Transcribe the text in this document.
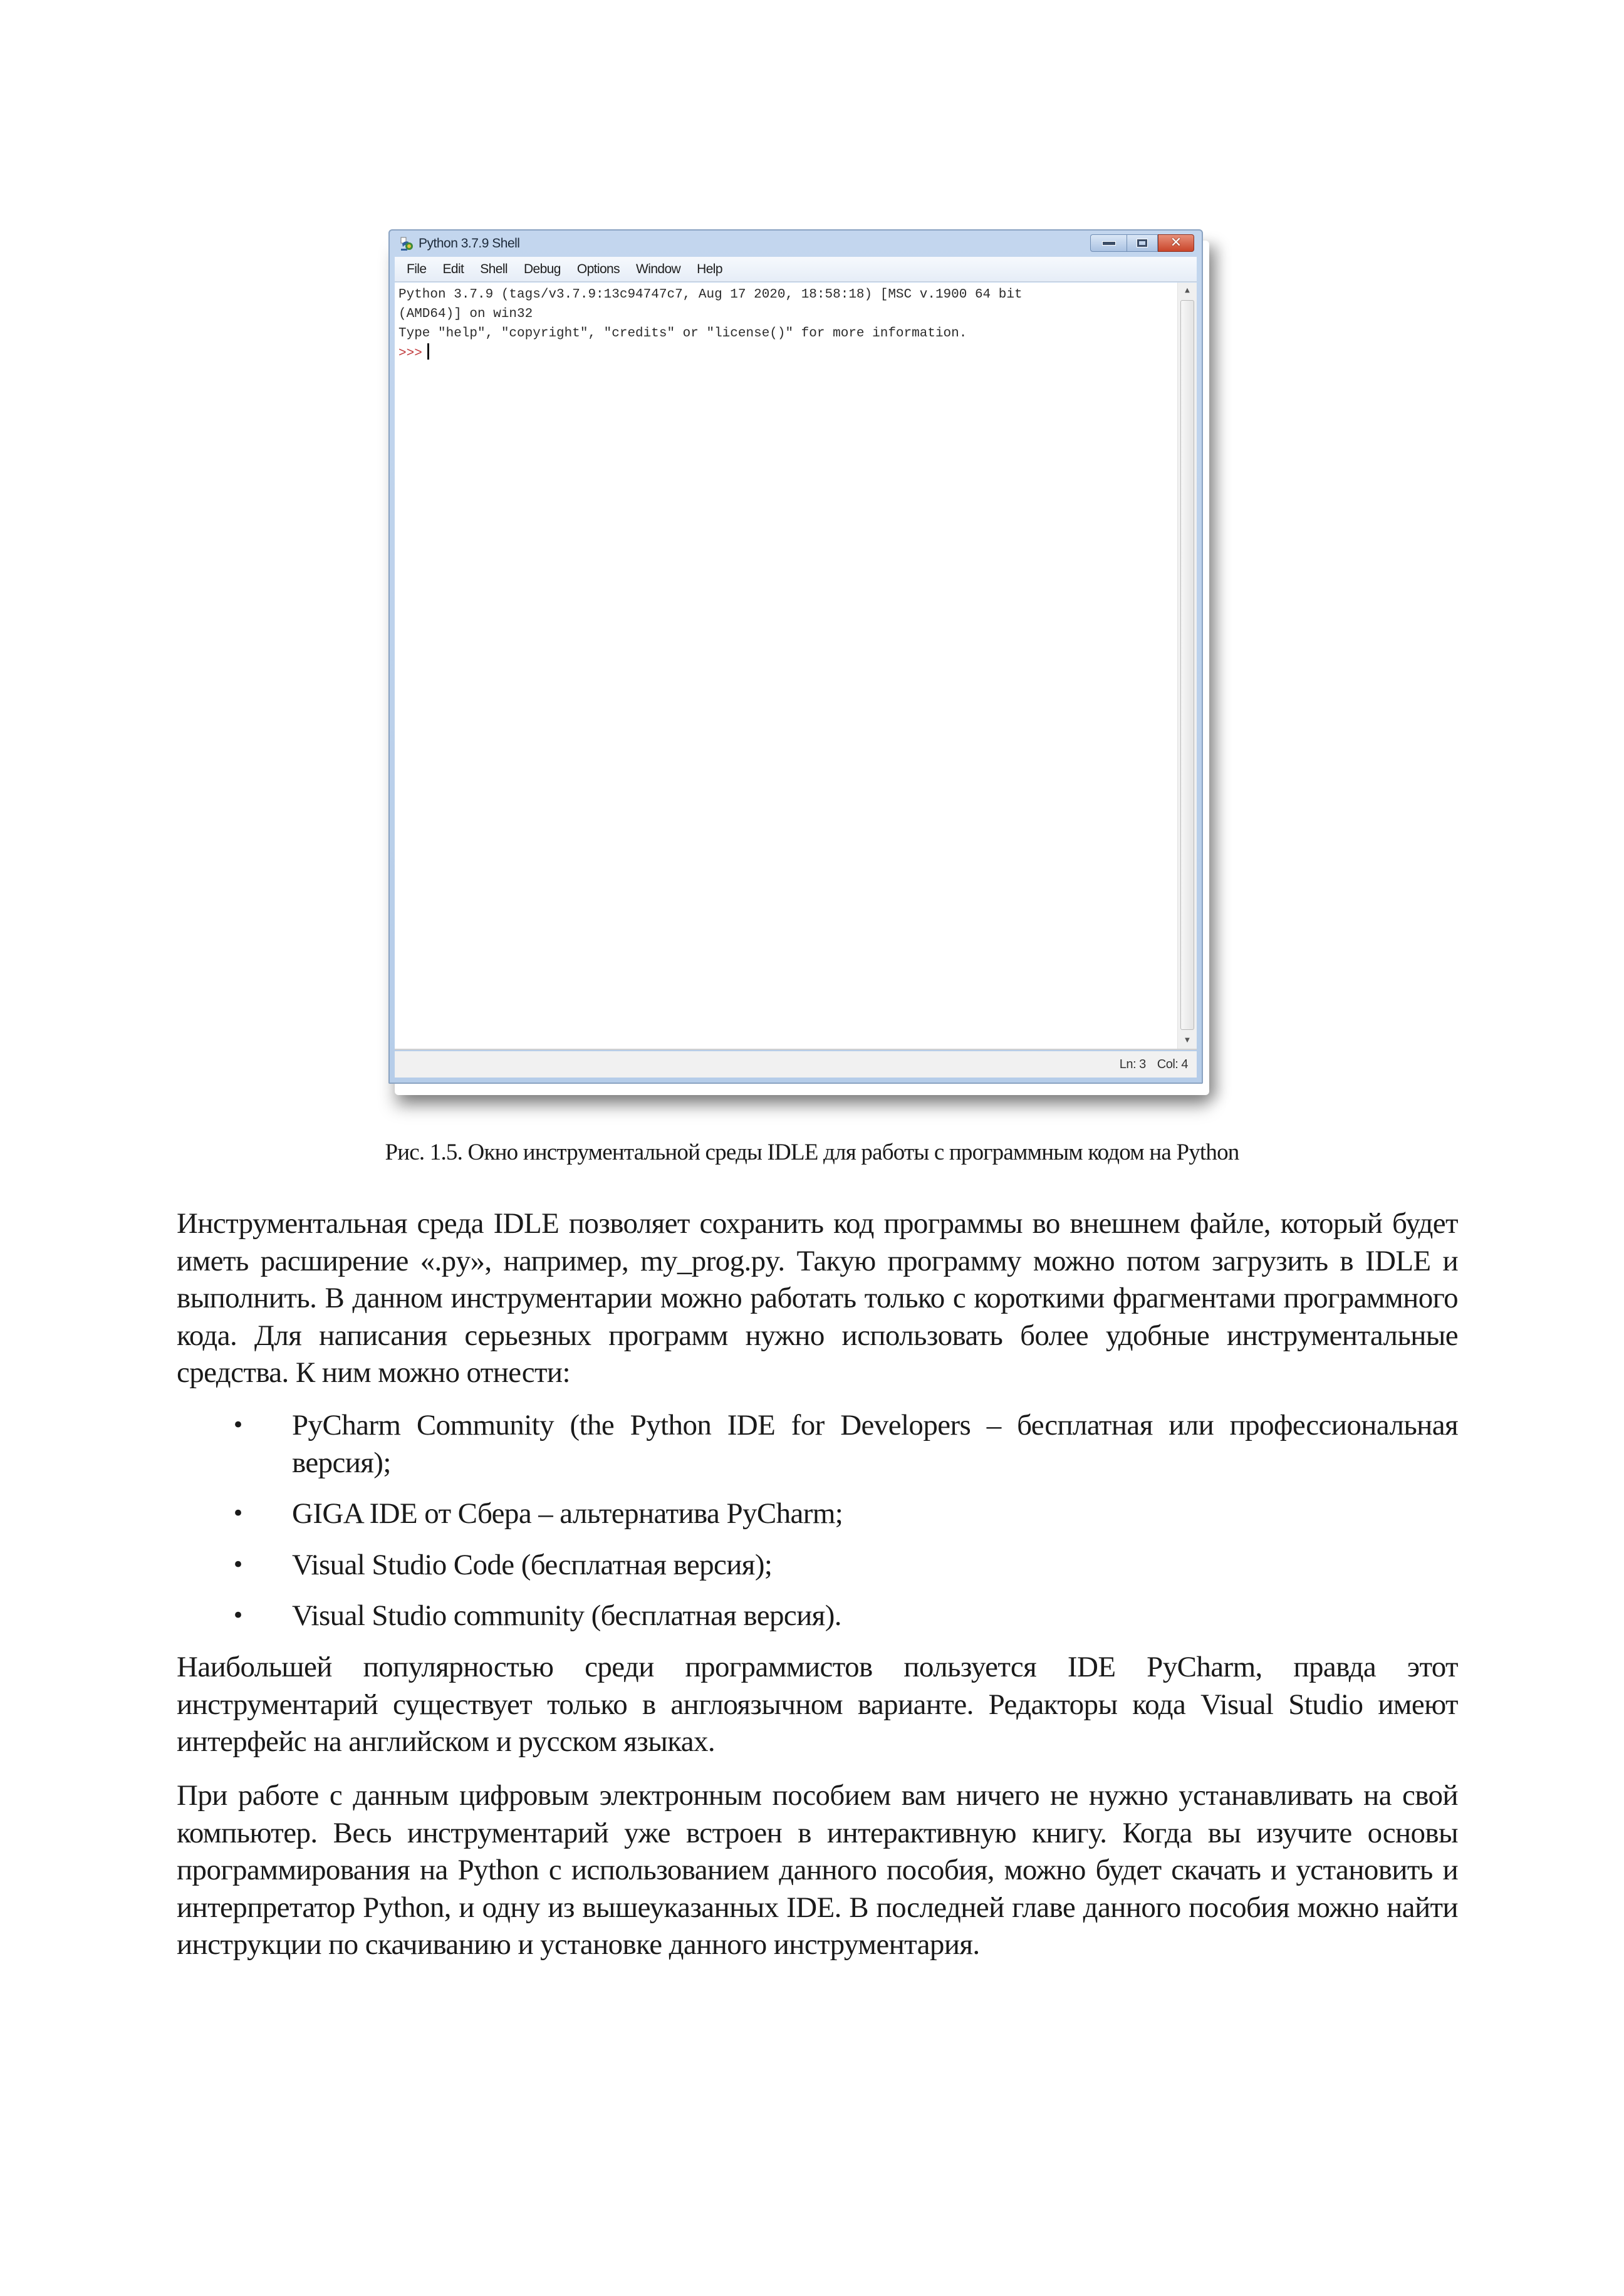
Python 3.7.9 Shell	✕
File	Edit	Shell	Debug	Options	Window	Help
Python 3.7.9 (tags/v3.7.9:13c94747c7, Aug 17 2020, 18:58:18) [MSC v.1900 64 bit
(AMD64)] on win32
Type "help", "copyright", "credits" or "license()" for more information.
>>>
▲
▼
Ln: 3 Col: 4
Рис. 1.5. Окно инструментальной среды IDLE для работы с программным кодом на Python

Инструментальная среда IDLE позволяет сохранить код программы во внешнем файле, который будет иметь расширение «.py», например, my_prog.py. Такую программу можно потом загрузить в IDLE и выполнить. В данном инструментарии можно работать только с короткими фрагментами программного кода. Для написания серьезных программ нужно использовать более удобные инструментальные средства. К ним можно отнести:

• PyCharm Community (the Python IDE for Developers – бесплатная или профессиональная версия);
• GIGA IDE от Сбера – альтернатива PyCharm;
• Visual Studio Code (бесплатная версия);
• Visual Studio community (бесплатная версия).

Наибольшей популярностью среди программистов пользуется IDE PyCharm, правда этот инструментарий существует только в англоязычном варианте. Редакторы кода Visual Studio имеют интерфейс на английском и русском языках.

При работе с данным цифровым электронным пособием вам ничего не нужно устанавливать на свой компьютер. Весь инструментарий уже встроен в интерактивную книгу. Когда вы изучите основы программирования на Python с использованием данного пособия, можно будет скачать и установить и интерпретатор Python, и одну из вышеуказанных IDE. В последней главе данного пособия можно найти инструкции по скачиванию и установке данного инструментария.
